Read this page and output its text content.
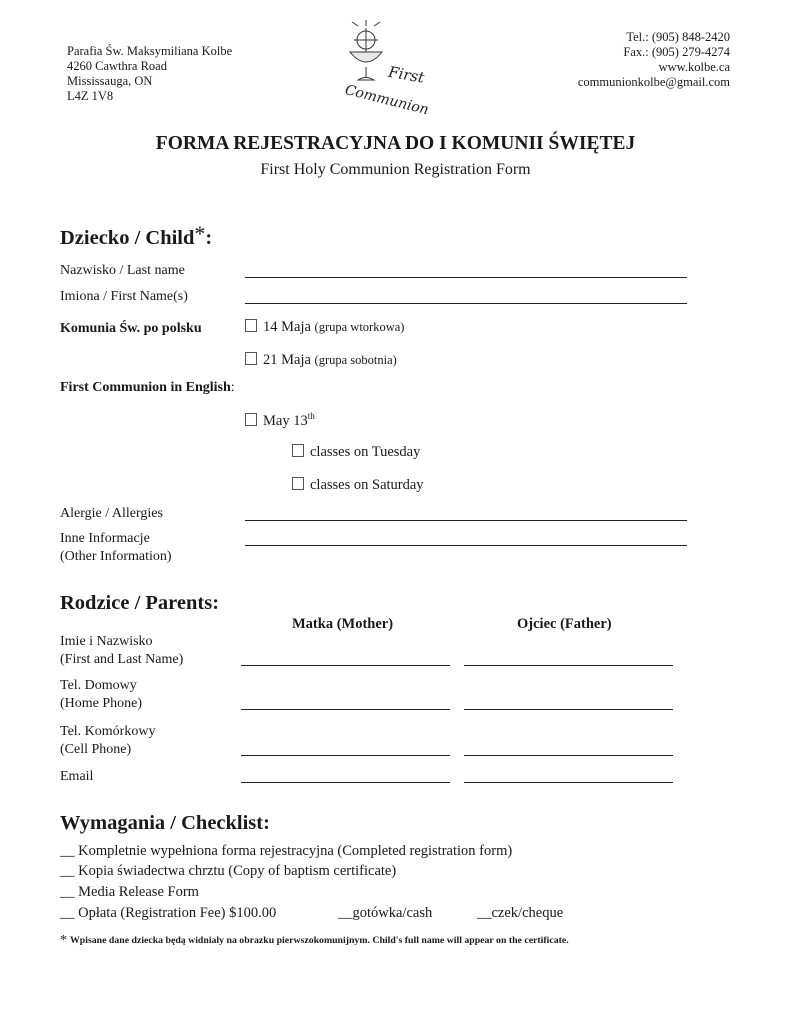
Parafia Św. Maksymiliana Kolbe
4260 Cawthra Road
Mississauga, ON
L4Z 1V8
Tel.: (905) 848-2420
Fax.: (905) 279-4274
www.kolbe.ca
communionkolbe@gmail.com
First
Communion
FORMA REJESTRACYJNA DO I KOMUNII ŚWIĘTEJ
First Holy Communion Registration Form
Dziecko / Child*:
Nazwisko / Last name
Imiona / First Name(s)
Komunia Św. po polsku	14 Maja (grupa wtorkowa)
21 Maja (grupa sobotnia)
First Communion in English:
May 13th
classes on Tuesday
classes on Saturday
Alergie / Allergies
Inne Informacje
(Other Information)
Rodzice / Parents:
Matka (Mother)	Ojciec (Father)
Imie i Nazwisko
(First and Last Name)
Tel. Domowy
(Home Phone)
Tel. Komórkowy
(Cell Phone)
Email
Wymagania / Checklist:
__ Kompletnie wypełniona forma rejestracyjna (Completed registration form)
__ Kopia świadectwa chrztu (Copy of baptism certificate)
__ Media Release Form
__ Opłata (Registration Fee) $100.00	__gotówka/cash	__czek/cheque
* Wpisane dane dziecka będą widnialy na obrazku pierwszokomunijnym. Child's full name will appear on the certificate.
